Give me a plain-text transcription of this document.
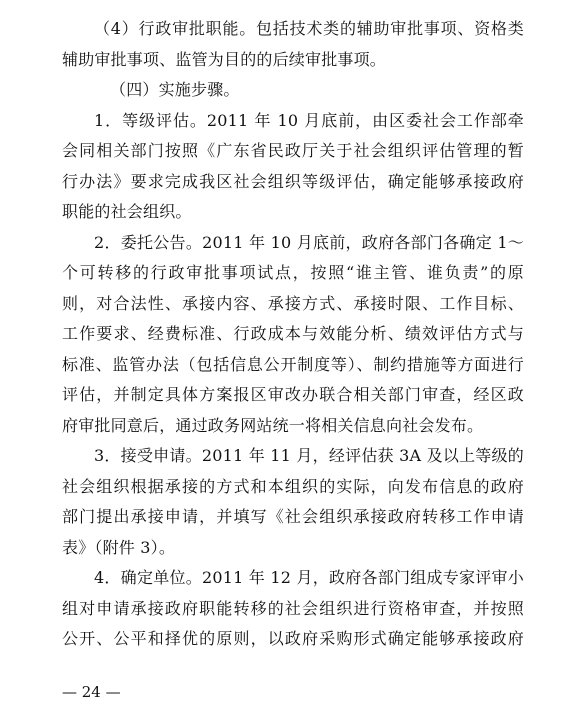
（4）行政审批职能。包括技术类的辅助审批事项、资格类
辅助审批事项、监管为目的的后续审批事项。
（四）实施步骤。
1．等级评估。2011 年 10 月底前，由区委社会工作部牵
会同相关部门按照《广东省民政厅关于社会组织评估管理的暂
行办法》要求完成我区社会组织等级评估，确定能够承接政府
职能的社会组织。
2．委托公告。2011 年 10 月底前，政府各部门各确定 1～
个可转移的行政审批事项试点，按照“谁主管、谁负责”的原
则，对合法性、承接内容、承接方式、承接时限、工作目标、
工作要求、经费标准、行政成本与效能分析、绩效评估方式与
标准、监管办法（包括信息公开制度等）、制约措施等方面进行
评估，并制定具体方案报区审改办联合相关部门审查，经区政
府审批同意后，通过政务网站统一将相关信息向社会发布。
3．接受申请。2011 年 11 月，经评估获 3A 及以上等级的
社会组织根据承接的方式和本组织的实际，向发布信息的政府
部门提出承接申请，并填写《社会组织承接政府转移工作申请
表》（附件 3）。
4．确定单位。2011 年 12 月，政府各部门组成专家评审小
组对申请承接政府职能转移的社会组织进行资格审查，并按照
公开、公平和择优的原则，以政府采购形式确定能够承接政府
— 24 —
